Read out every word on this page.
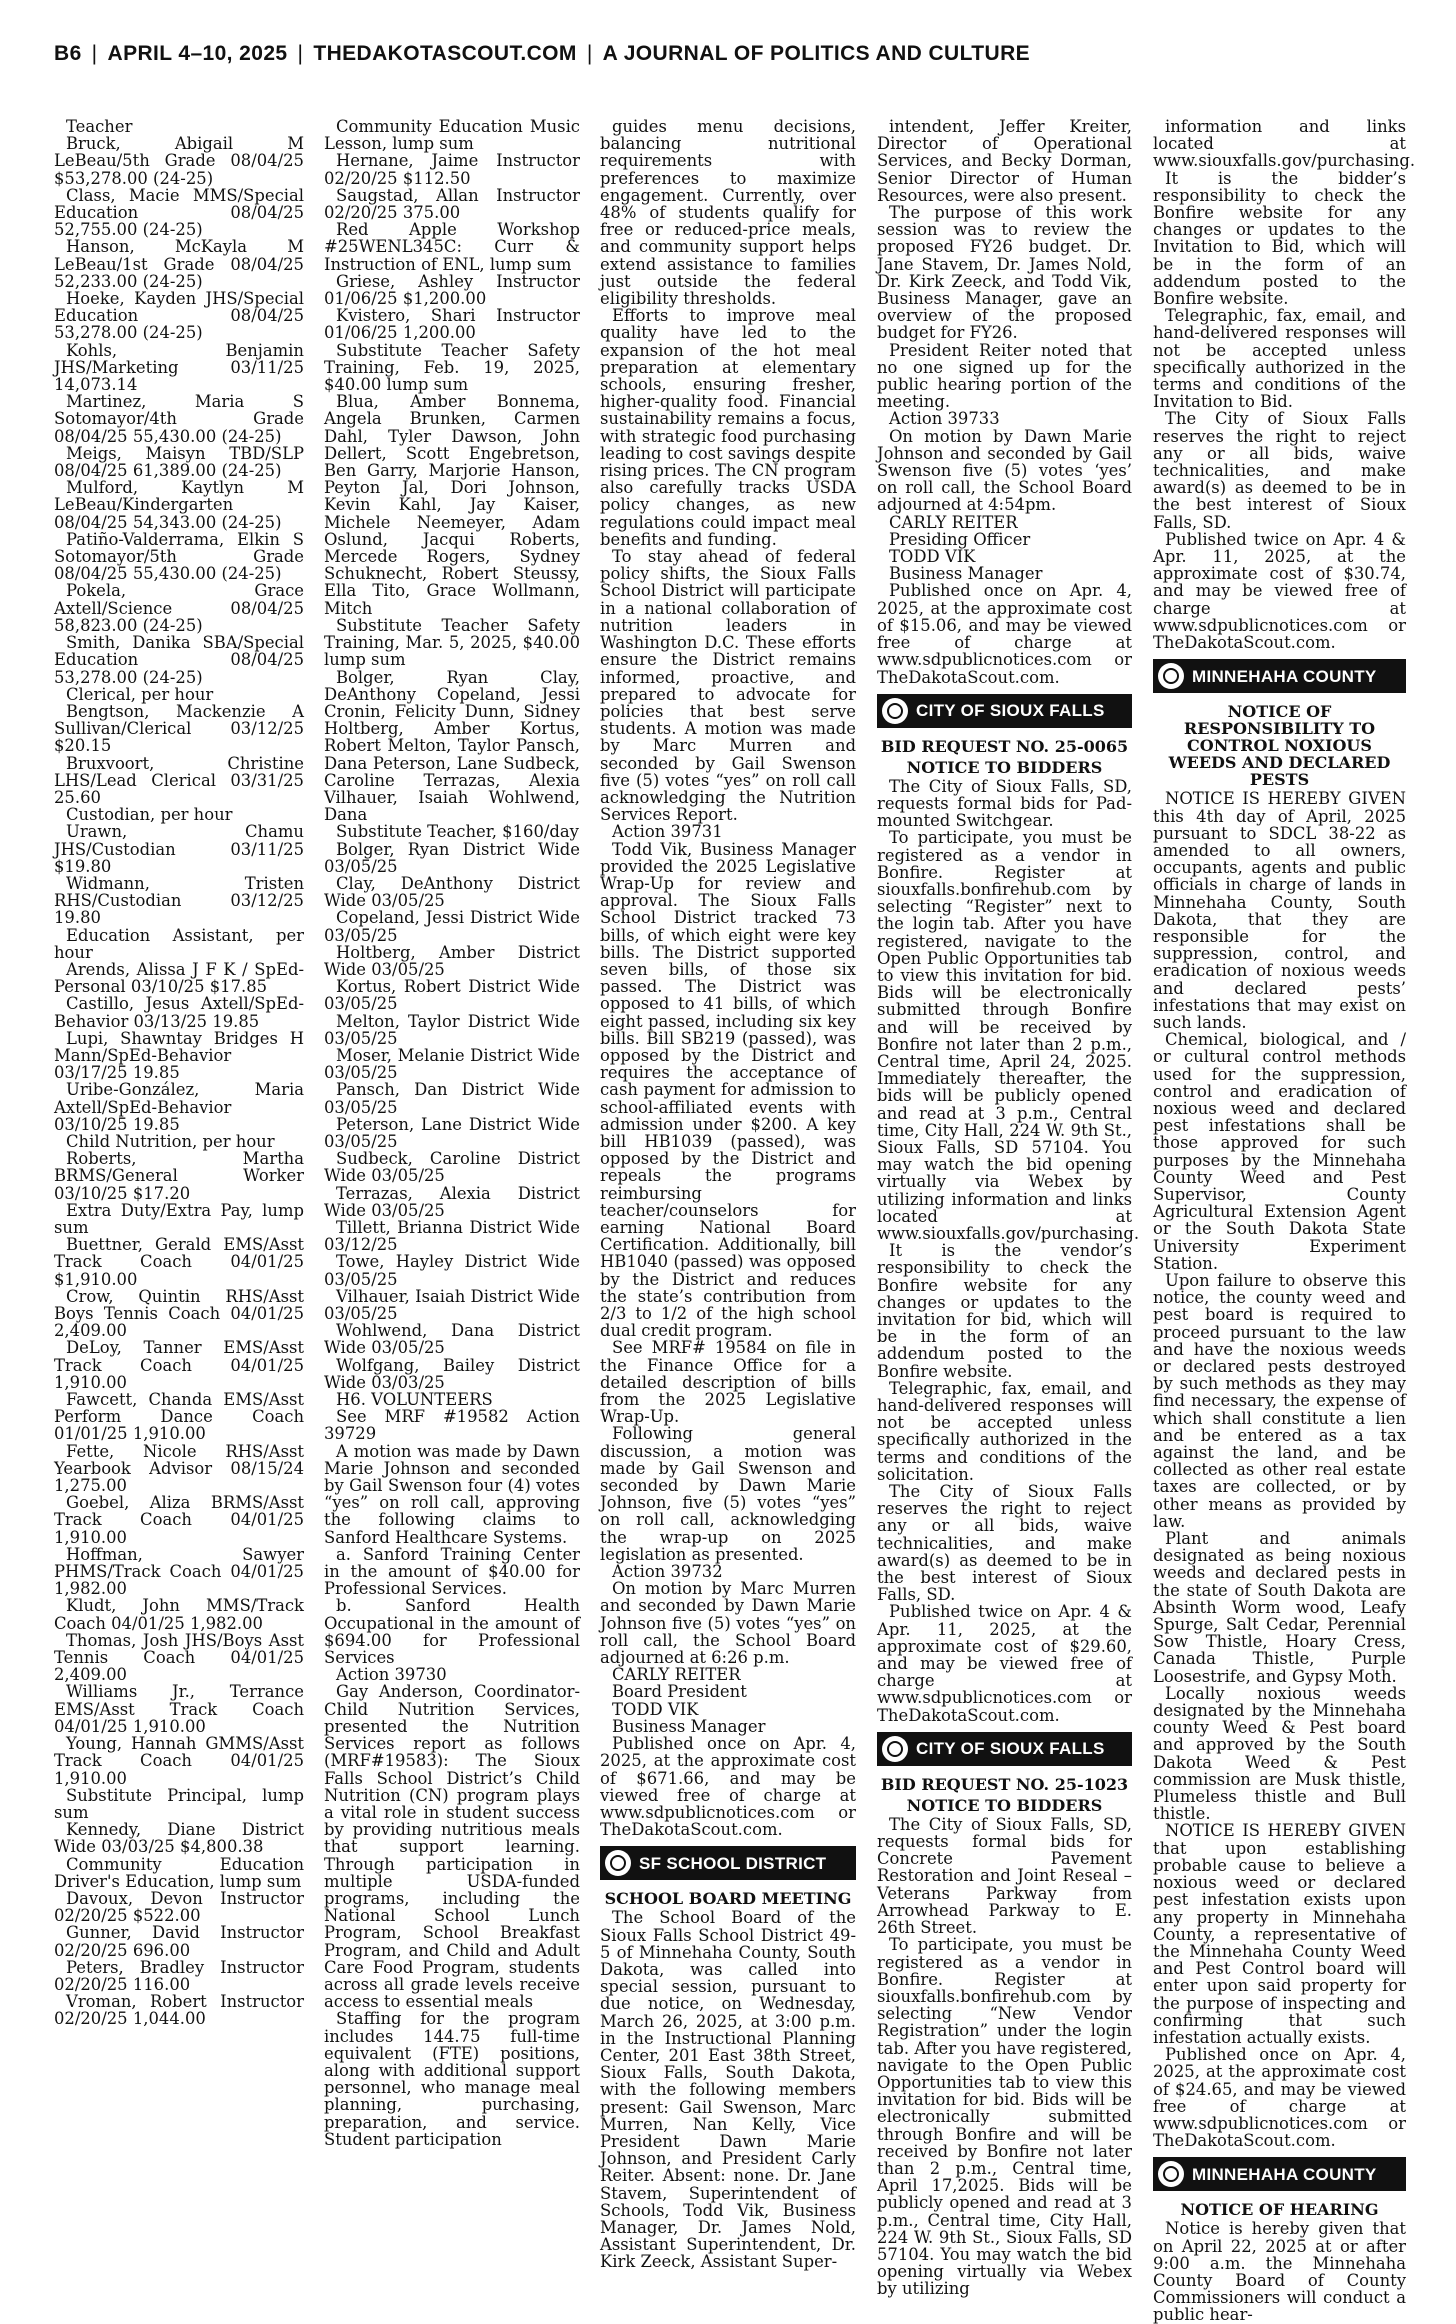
B6 | APRIL 4–10, 2025 | THEDAKOTASCOUT.COM | A JOURNAL OF POLITICS AND CULTURE

Teacher

Bruck, Abigail M LeBeau/5th Grade 08/04/25 $53,278.00 (24-25)

Class, Macie MMS/Special Education 08/04/25 52,755.00 (24-25)

Hanson, McKayla M LeBeau/1st Grade 08/04/25 52,233.00 (24-25)

Hoeke, Kayden JHS/Special Education 08/04/25 53,278.00 (24-25)

Kohls, Benjamin JHS/Marketing 03/11/25 14,073.14

Martinez, Maria S Sotomayor/4th Grade 08/04/25 55,430.00 (24-25)

Meigs, Maisyn TBD/SLP 08/04/25 61,389.00 (24-25)

Mulford, Kaytlyn M LeBeau/Kindergarten 08/04/25 54,343.00 (24-25)

Patiño-Valderrama, Elkin S Sotomayor/5th Grade 08/04/25 55,430.00 (24-25)

Pokela, Grace Axtell/Science 08/04/25 58,823.00 (24-25)

Smith, Danika SBA/Special Education 08/04/25 53,278.00 (24-25)

Clerical, per hour

Bengtson, Mackenzie A Sullivan/Clerical 03/12/25 $20.15

Bruxvoort, Christine LHS/Lead Clerical 03/31/25 25.60

Custodian, per hour

Urawn, Chamu JHS/Custodian 03/11/25 $19.80

Widmann, Tristen RHS/Custodian 03/12/25 19.80

Education Assistant, per hour

Arends, Alissa J F K / SpEd-Personal 03/10/25 $17.85

Castillo, Jesus Axtell/SpEd-Behavior 03/13/25 19.85

Lupi, Shawntay Bridges H Mann/SpEd-Behavior 03/17/25 19.85

Uribe-González, Maria Axtell/SpEd-Behavior 03/10/25 19.85

Child Nutrition, per hour

Roberts, Martha BRMS/General Worker 03/10/25 $17.20

Extra Duty/Extra Pay, lump sum

Buettner, Gerald EMS/Asst Track Coach 04/01/25 $1,910.00

Crow, Quintin RHS/Asst Boys Tennis Coach 04/01/25 2,409.00

DeLoy, Tanner EMS/Asst Track Coach 04/01/25 1,910.00

Fawcett, Chanda EMS/Asst Perform Dance Coach 01/01/25 1,910.00

Fette, Nicole RHS/Asst Yearbook Advisor 08/15/24 1,275.00

Goebel, Aliza BRMS/Asst Track Coach 04/01/25 1,910.00

Hoffman, Sawyer PHMS/Track Coach 04/01/25 1,982.00

Kludt, John MMS/Track Coach 04/01/25 1,982.00

Thomas, Josh JHS/Boys Asst Tennis Coach 04/01/25 2,409.00

Williams Jr., Terrance EMS/Asst Track Coach 04/01/25 1,910.00

Young, Hannah GMMS/Asst Track Coach 04/01/25 1,910.00

Substitute Principal, lump sum

Kennedy, Diane District Wide 03/03/25 $4,800.38

Community Education Driver's Education, lump sum

Davoux, Devon Instructor 02/20/25 $522.00

Gunner, David Instructor 02/20/25 696.00

Peters, Bradley Instructor 02/20/25 116.00

Vroman, Robert Instructor 02/20/25 1,044.00

Community Education Music Lesson, lump sum

Hernane, Jaime Instructor 02/20/25 $112.50

Saugstad, Allan Instructor 02/20/25 375.00

Red Apple Workshop #25WENL345C: Curr & Instruction of ENL, lump sum

Griese, Ashley Instructor 01/06/25 $1,200.00

Kvistero, Shari Instructor 01/06/25 1,200.00

Substitute Teacher Safety Training, Feb. 19, 2025, $40.00 lump sum

Blua, Amber Bonnema, Angela Brunken, Carmen Dahl, Tyler Dawson, John Dellert, Scott Engebretson, Ben Garry, Marjorie Hanson, Peyton Jal, Dori Johnson, Kevin Kahl, Jay Kaiser, Michele Neemeyer, Adam Oslund, Jacqui Roberts, Mercede Rogers, Sydney Schuknecht, Robert Steussy, Ella Tito, Grace Wollmann, Mitch

Substitute Teacher Safety Training, Mar. 5, 2025, $40.00 lump sum

Bolger, Ryan Clay, DeAnthony Copeland, Jessi Cronin, Felicity Dunn, Sidney Holtberg, Amber Kortus, Robert Melton, Taylor Pansch, Dana Peterson, Lane Sudbeck, Caroline Terrazas, Alexia Vilhauer, Isaiah Wohlwend, Dana

Substitute Teacher, $160/day

Bolger, Ryan District Wide 03/05/25

Clay, DeAnthony District Wide 03/05/25

Copeland, Jessi District Wide 03/05/25

Holtberg, Amber District Wide 03/05/25

Kortus, Robert District Wide 03/05/25

Melton, Taylor District Wide 03/05/25

Moser, Melanie District Wide 03/05/25

Pansch, Dan District Wide 03/05/25

Peterson, Lane District Wide 03/05/25

Sudbeck, Caroline District Wide 03/05/25

Terrazas, Alexia District Wide 03/05/25

Tillett, Brianna District Wide 03/12/25

Towe, Hayley District Wide 03/05/25

Vilhauer, Isaiah District Wide 03/05/25

Wohlwend, Dana District Wide 03/05/25

Wolfgang, Bailey District Wide 03/03/25

H6. VOLUNTEERS

See MRF #19582 Action 39729

A motion was made by Dawn Marie Johnson and seconded by Gail Swenson four (4) votes “yes” on roll call, approving the following claims to Sanford Healthcare Systems.

a. Sanford Training Center in the amount of $40.00 for Professional Services.

b. Sanford Health Occupational in the amount of $694.00 for Professional Services

Action 39730

Gay Anderson, Coordinator-Child Nutrition Services, presented the Nutrition Services report as follows (MRF#19583): The Sioux Falls School District’s Child Nutrition (CN) program plays a vital role in student success by providing nutritious meals that support learning. Through participation in multiple USDA-funded programs, including the National School Lunch Program, School Breakfast Program, and Child and Adult Care Food Program, students across all grade levels receive access to essential meals

Staffing for the program includes 144.75 full-time equivalent (FTE) positions, along with additional support personnel, who manage meal planning, purchasing, preparation, and service. Student participation

guides menu decisions, balancing nutritional requirements with preferences to maximize engagement. Currently, over 48% of students qualify for free or reduced-price meals, and community support helps extend assistance to families just outside the federal eligibility thresholds.

Efforts to improve meal quality have led to the expansion of the hot meal preparation at elementary schools, ensuring fresher, higher-quality food. Financial sustainability remains a focus, with strategic food purchasing leading to cost savings despite rising prices. The CN program also carefully tracks USDA policy changes, as new regulations could impact meal benefits and funding.

To stay ahead of federal policy shifts, the Sioux Falls School District will participate in a national collaboration of nutrition leaders in Washington D.C. These efforts ensure the District remains informed, proactive, and prepared to advocate for policies that best serve students. A motion was made by Marc Murren and seconded by Gail Swenson five (5) votes “yes” on roll call acknowledging the Nutrition Services Report.

Action 39731

Todd Vik, Business Manager provided the 2025 Legislative Wrap-Up for review and approval. The Sioux Falls School District tracked 73 bills, of which eight were key bills. The District supported seven bills, of those six passed. The District was opposed to 41 bills, of which eight passed, including six key bills. Bill SB219 (passed), was opposed by the District and requires the acceptance of cash payment for admission to school-affiliated events with admission under $200. A key bill HB1039 (passed), was opposed by the District and repeals the programs reimbursing teacher/counselors for earning National Board Certification. Additionally, bill HB1040 (passed) was opposed by the District and reduces the state’s contribution from 2/3 to 1/2 of the high school dual credit program.

See MRF# 19584 on file in the Finance Office for a detailed description of bills from the 2025 Legislative Wrap-Up.

Following general discussion, a motion was made by Gail Swenson and seconded by Dawn Marie Johnson, five (5) votes “yes” on roll call, acknowledging the wrap-up on 2025 legislation as presented.

Action 39732

On motion by Marc Murren and seconded by Dawn Marie Johnson five (5) votes “yes” on roll call, the School Board adjourned at 6:26 p.m.

CARLY REITER

Board President

TODD VIK

Business Manager

Published once on Apr. 4, 2025, at the approximate cost of $671.66, and may be viewed free of charge at www.sdpublicnotices.com or TheDakotaScout.com.

SF SCHOOL DISTRICT
SCHOOL BOARD MEETING

The School Board of the Sioux Falls School District 49-5 of Minnehaha County, South Dakota, was called into special session, pursuant to due notice, on Wednesday, March 26, 2025, at 3:00 p.m. in the Instructional Planning Center, 201 East 38th Street, Sioux Falls, South Dakota, with the following members present: Gail Swenson, Marc Murren, Nan Kelly, Vice President Dawn Marie Johnson, and President Carly Reiter. Absent: none. Dr. Jane Stavem, Superintendent of Schools, Todd Vik, Business Manager, Dr. James Nold, Assistant Superintendent, Dr. Kirk Zeeck, Assistant Super-

intendent, Jeffer Kreiter, Director of Operational Services, and Becky Dorman, Senior Director of Human Resources, were also present.

The purpose of this work session was to review the proposed FY26 budget. Dr. Jane Stavem, Dr. James Nold, Dr. Kirk Zeeck, and Todd Vik, Business Manager, gave an overview of the proposed budget for FY26.

President Reiter noted that no one signed up for the public hearing portion of the meeting.

Action 39733

On motion by Dawn Marie Johnson and seconded by Gail Swenson five (5) votes ‘yes’ on roll call, the School Board adjourned at 4:54pm.

CARLY REITER

Presiding Officer

TODD VIK

Business Manager

Published once on Apr. 4, 2025, at the approximate cost of $15.06, and may be viewed free of charge at www.sdpublicnotices.com or TheDakotaScout.com.

CITY OF SIOUX FALLS
BID REQUEST NO. 25-0065
NOTICE TO BIDDERS

The City of Sioux Falls, SD, requests formal bids for Pad-mounted Switchgear.

To participate, you must be registered as a vendor in Bonfire. Register at siouxfalls.bonfirehub.com by selecting “Register” next to the login tab. After you have registered, navigate to the Open Public Opportunities tab to view this invitation for bid. Bids will be electronically submitted through Bonfire and will be received by Bonfire not later than 2 p.m., Central time, April 24, 2025. Immediately thereafter, the bids will be publicly opened and read at 3 p.m., Central time, City Hall, 224 W. 9th St., Sioux Falls, SD 57104. You may watch the bid opening virtually via Webex by utilizing information and links located at www.siouxfalls.gov/purchasing.

It is the vendor’s responsibility to check the Bonfire website for any changes or updates to the invitation for bid, which will be in the form of an addendum posted to the Bonfire website.

Telegraphic, fax, email, and hand-delivered responses will not be accepted unless specifically authorized in the terms and conditions of the solicitation.

The City of Sioux Falls reserves the right to reject any or all bids, waive technicalities, and make award(s) as deemed to be in the best interest of Sioux Falls, SD.

Published twice on Apr. 4 & Apr. 11, 2025, at the approximate cost of $29.60, and may be viewed free of charge at www.sdpublicnotices.com or TheDakotaScout.com.

CITY OF SIOUX FALLS
BID REQUEST NO. 25-1023
NOTICE TO BIDDERS

The City of Sioux Falls, SD, requests formal bids for Concrete Pavement Restoration and Joint Reseal – Veterans Parkway from Arrowhead Parkway to E. 26th Street.

To participate, you must be registered as a vendor in Bonfire. Register at siouxfalls.bonfirehub.com by selecting “New Vendor Registration” under the login tab. After you have registered, navigate to the Open Public Opportunities tab to view this invitation for bid. Bids will be electronically submitted through Bonfire and will be received by Bonfire not later than 2 p.m., Central time, April 17,2025. Bids will be publicly opened and read at 3 p.m., Central time, City Hall, 224 W. 9th St., Sioux Falls, SD 57104. You may watch the bid opening virtually via Webex by utilizing

information and links located at www.siouxfalls.gov/purchasing.

It is the bidder’s responsibility to check the Bonfire website for any changes or updates to the Invitation to Bid, which will be in the form of an addendum posted to the Bonfire website.

Telegraphic, fax, email, and hand-delivered responses will not be accepted unless specifically authorized in the terms and conditions of the Invitation to Bid.

The City of Sioux Falls reserves the right to reject any or all bids, waive technicalities, and make award(s) as deemed to be in the best interest of Sioux Falls, SD.

Published twice on Apr. 4 & Apr. 11, 2025, at the approximate cost of $30.74, and may be viewed free of charge at www.sdpublicnotices.com or TheDakotaScout.com.

MINNEHAHA COUNTY
NOTICE OF RESPONSIBILITY TO CONTROL NOXIOUS WEEDS AND DECLARED PESTS

NOTICE IS HEREBY GIVEN this 4th day of April, 2025 pursuant to SDCL 38-22 as amended to all owners, occupants, agents and public officials in charge of lands in Minnehaha County, South Dakota, that they are responsible for the suppression, control, and eradication of noxious weeds and declared pests’ infestations that may exist on such lands.

Chemical, biological, and / or cultural control methods used for the suppression, control and eradication of noxious weed and declared pest infestations shall be those approved for such purposes by the Minnehaha County Weed and Pest Supervisor, County Agricultural Extension Agent or the South Dakota State University Experiment Station.

Upon failure to observe this notice, the county weed and pest board is required to proceed pursuant to the law and have the noxious weeds or declared pests destroyed by such methods as they may find necessary, the expense of which shall constitute a lien and be entered as a tax against the land, and be collected as other real estate taxes are collected, or by other means as provided by law.

Plant and animals designated as being noxious weeds and declared pests in the state of South Dakota are Absinth Worm wood, Leafy Spurge, Salt Cedar, Perennial Sow Thistle, Hoary Cress, Canada Thistle, Purple Loosestrife, and Gypsy Moth.

Locally noxious weeds designated by the Minnehaha county Weed & Pest board and approved by the South Dakota Weed & Pest commission are Musk thistle, Plumeless thistle and Bull thistle.

NOTICE IS HEREBY GIVEN that upon establishing probable cause to believe a noxious weed or declared pest infestation exists upon any property in Minnehaha County, a representative of the Minnehaha County Weed and Pest Control board will enter upon said property for the purpose of inspecting and confirming that such infestation actually exists.

Published once on Apr. 4, 2025, at the approximate cost of $24.65, and may be viewed free of charge at www.sdpublicnotices.com or TheDakotaScout.com.

MINNEHAHA COUNTY
NOTICE OF HEARING

Notice is hereby given that on April 22, 2025 at or after 9:00 a.m. the Minnehaha County Board of County Commissioners will conduct a public hear-
